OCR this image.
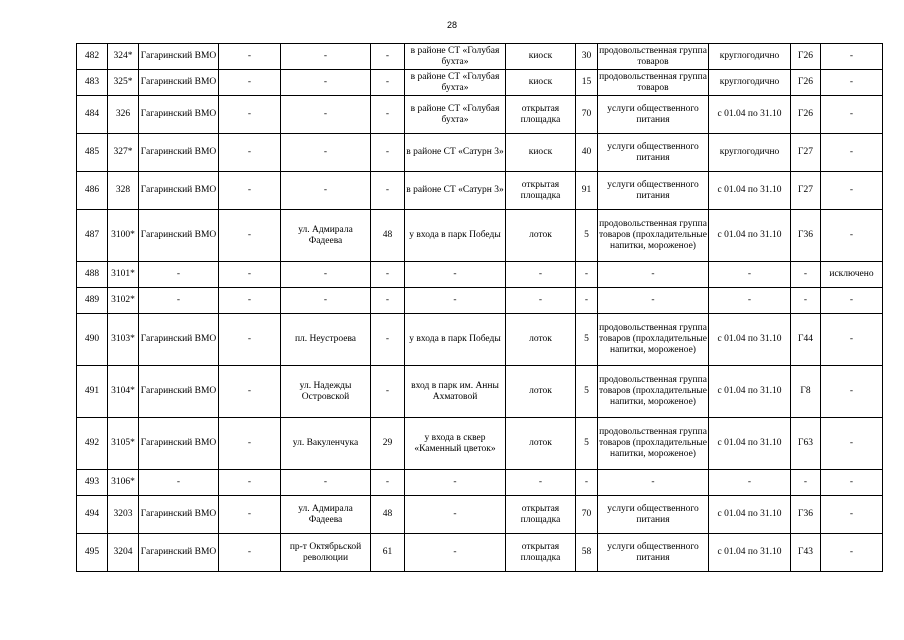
28
482	324*	Гагаринский ВМО	-	-	-	в районе СТ «Голубая бухта»	киоск	30	продовольственная группа товаров	круглогодично	Г26	-
483	325*	Гагаринский ВМО	-	-	-	в районе СТ «Голубая бухта»	киоск	15	продовольственная группа товаров	круглогодично	Г26	-
484	326	Гагаринский ВМО	-	-	-	в районе СТ «Голубая бухта»	открытая площадка	70	услуги общественного питания	с 01.04 по 31.10	Г26	-
485	327*	Гагаринский ВМО	-	-	-	в районе СТ «Сатурн 3»	киоск	40	услуги общественного питания	круглогодично	Г27	-
486	328	Гагаринский ВМО	-	-	-	в районе СТ «Сатурн 3»	открытая площадка	91	услуги общественного питания	с 01.04 по 31.10	Г27	-
487	3100*	Гагаринский ВМО	-	ул. Адмирала Фадеева	48	у входа в парк Победы	лоток	5	продовольственная группа товаров (прохладительные напитки, мороженое)	с 01.04 по 31.10	Г36	-
488	3101*	-	-	-	-	-	-	-	-	-	-	исключено
489	3102*	-	-	-	-	-	-	-	-	-	-	-
490	3103*	Гагаринский ВМО	-	пл. Неустроева	-	у входа в парк Победы	лоток	5	продовольственная группа товаров (прохладительные напитки, мороженое)	с 01.04 по 31.10	Г44	-
491	3104*	Гагаринский ВМО	-	ул. Надежды Островской	-	вход в парк им. Анны Ахматовой	лоток	5	продовольственная группа товаров (прохладительные напитки, мороженое)	с 01.04 по 31.10	Г8	-
492	3105*	Гагаринский ВМО	-	ул. Вакуленчука	29	у входа в сквер «Каменный цветок»	лоток	5	продовольственная группа товаров (прохладительные напитки, мороженое)	с 01.04 по 31.10	Г63	-
493	3106*	-	-	-	-	-	-	-	-	-	-	-
494	3203	Гагаринский ВМО	-	ул. Адмирала Фадеева	48	-	открытая площадка	70	услуги общественного питания	с 01.04 по 31.10	Г36	-
495	3204	Гагаринский ВМО	-	пр-т Октябрьской революции	61	-	открытая площадка	58	услуги общественного питания	с 01.04 по 31.10	Г43	-
